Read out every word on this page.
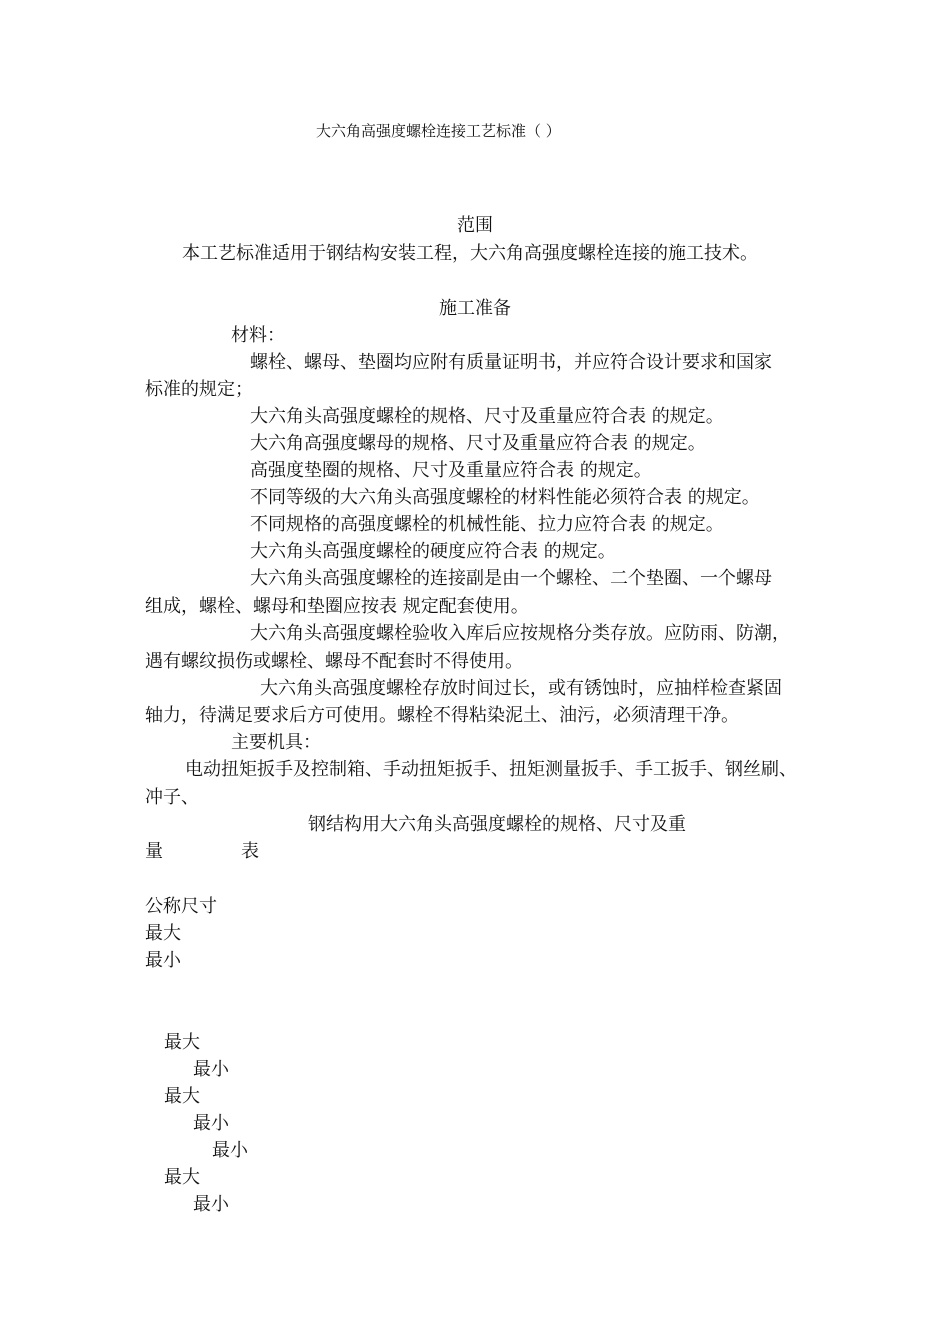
大六角高强度螺栓连接工艺标准（ ）
范围
本工艺标准适用于钢结构安装工程，大六角高强度螺栓连接的施工技术。
施工准备
材料：
螺栓、螺母、垫圈均应附有质量证明书，并应符合设计要求和国家
标准的规定；
大六角头高强度螺栓的规格、尺寸及重量应符合表 的规定。
大六角高强度螺母的规格、尺寸及重量应符合表 的规定。
高强度垫圈的规格、尺寸及重量应符合表 的规定。
不同等级的大六角头高强度螺栓的材料性能必须符合表 的规定。
不同规格的高强度螺栓的机械性能、拉力应符合表 的规定。
大六角头高强度螺栓的硬度应符合表 的规定。
大六角头高强度螺栓的连接副是由一个螺栓、二个垫圈、一个螺母
组成，螺栓、螺母和垫圈应按表 规定配套使用。
大六角头高强度螺栓验收入库后应按规格分类存放。应防雨、防潮，
遇有螺纹损伤或螺栓、螺母不配套时不得使用。
大六角头高强度螺栓存放时间过长，或有锈蚀时，应抽样检查紧固
轴力，待满足要求后方可使用。螺栓不得粘染泥土、油污，必须清理干净。
主要机具：
电动扭矩扳手及控制箱、手动扭矩扳手、扭矩测量扳手、手工扳手、钢丝刷、
冲子、
钢结构用大六角头高强度螺栓的规格、尺寸及重
量	表
公称尺寸
最大
最小
最大
最小
最大
最小
最小
最大
最小
